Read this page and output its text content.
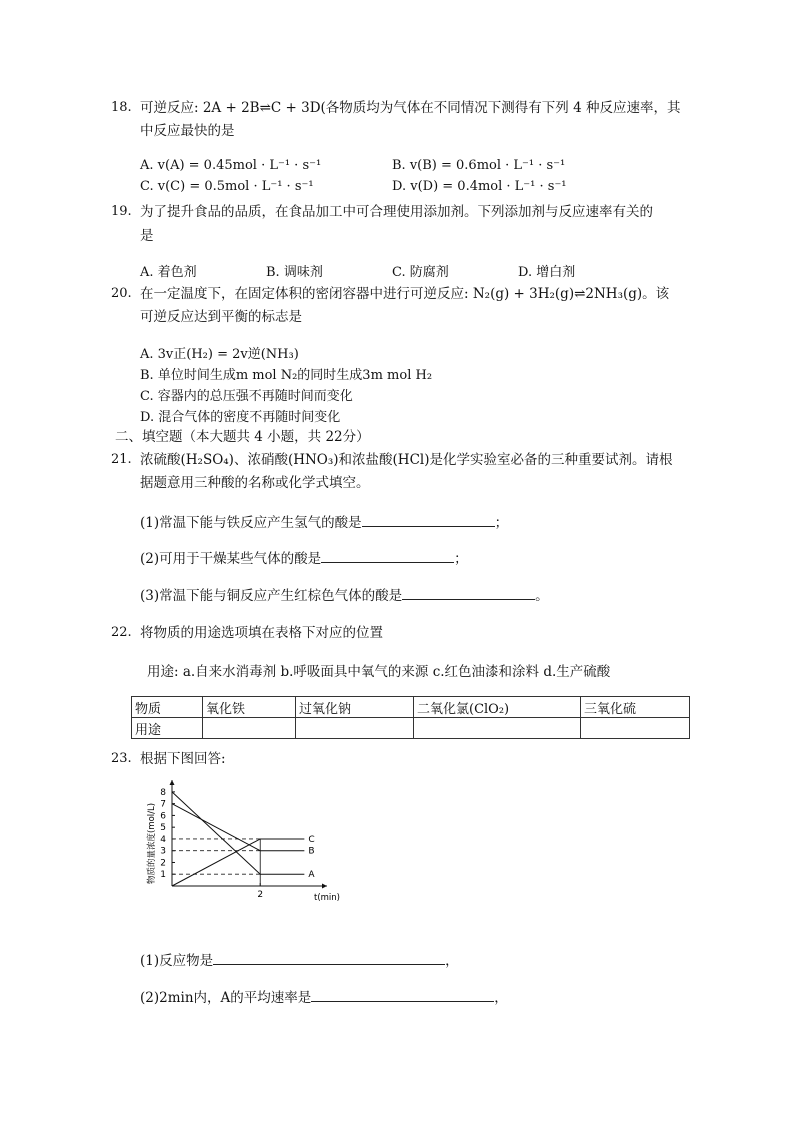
18. 可逆反应: 2A + 2B⇌C + 3D(各物质均为气体在不同情况下测得有下列 4 种反应速率，其
中反应最快的是
A. v(A) = 0.45mol · L⁻¹ · s⁻¹	B. v(B) = 0.6mol · L⁻¹ · s⁻¹
C. v(C) = 0.5mol · L⁻¹ · s⁻¹	D. v(D) = 0.4mol · L⁻¹ · s⁻¹
19. 为了提升食品的品质，在食品加工中可合理使用添加剂。下列添加剂与反应速率有关的
是
A. 着色剂	B. 调味剂	C. 防腐剂	D. 增白剂
20. 在一定温度下，在固定体积的密闭容器中进行可逆反应: N₂(g) + 3H₂(g)⇌2NH₃(g)。该
可逆反应达到平衡的标志是
A. 3v正(H₂) = 2v逆(NH₃)
B. 单位时间生成m mol N₂的同时生成3m mol H₂
C. 容器内的总压强不再随时间而变化
D. 混合气体的密度不再随时间变化
二、填空题（本大题共 4 小题，共 22分）
21. 浓硫酸(H₂SO₄)、浓硝酸(HNO₃)和浓盐酸(HCl)是化学实验室必备的三种重要试剂。请根
据题意用三种酸的名称或化学式填空。
(1)常温下能与铁反应产生氢气的酸是	；
(2)可用于干燥某些气体的酸是	；
(3)常温下能与铜反应产生红棕色气体的酸是	。
22. 将物质的用途选项填在表格下对应的位置
用途: a.自来水消毒剂 b.呼吸面具中氧气的来源 c.红色油漆和涂料 d.生产硫酸
物质	氧化铁	过氧化钠	二氧化氯(ClO₂)	三氧化硫
用途				
23. 根据下图回答:
8
7
6
5
4
3
2
1
2	t(min)
物质的量浓度(mol/L)	A
B
C
(1)反应物是	，
(2)2min内，A的平均速率是	，
